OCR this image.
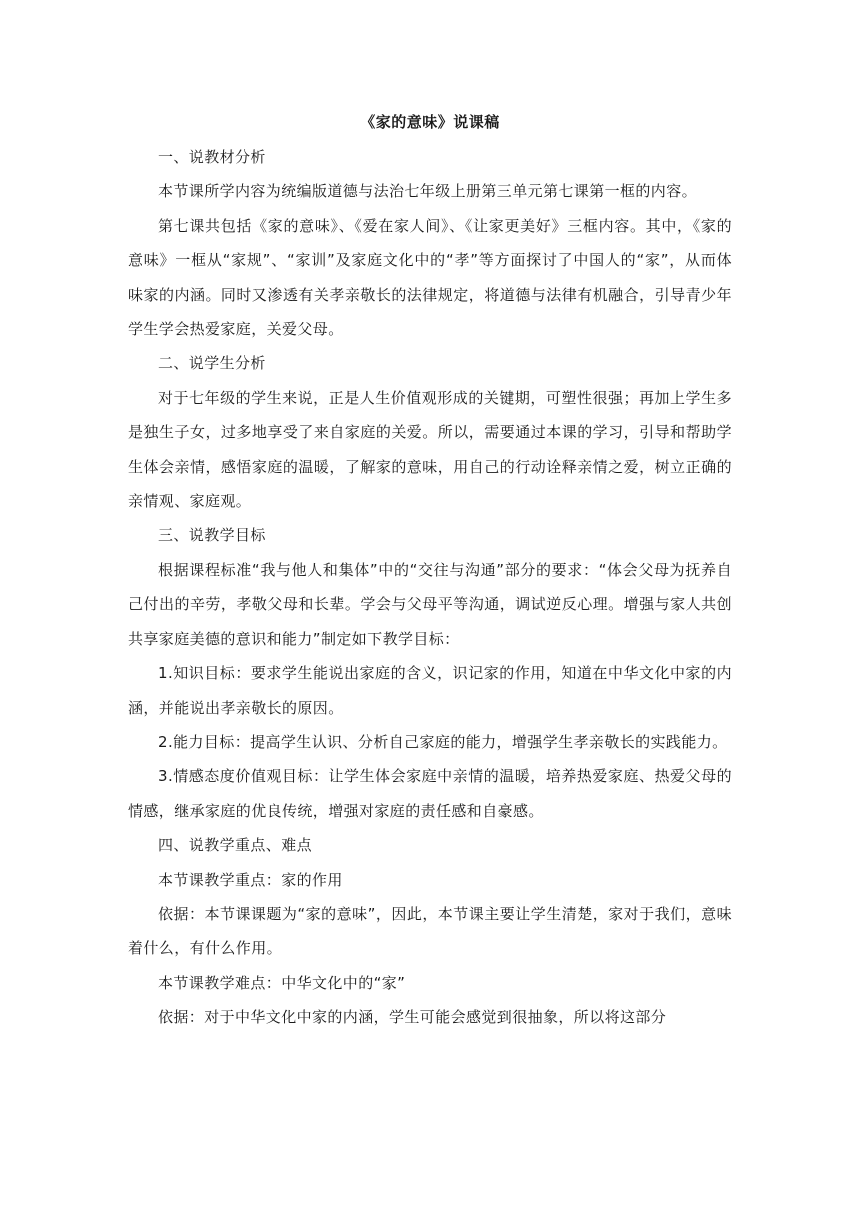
《家的意味》说课稿

一、说教材分析

本节课所学内容为统编版道德与法治七年级上册第三单元第七课第一框的内容。

第七课共包括《家的意味》、《爱在家人间》、《让家更美好》三框内容。其中，《家的意味》一框从“家规”、“家训”及家庭文化中的“孝”等方面探讨了中国人的“家”，从而体味家的内涵。同时又渗透有关孝亲敬长的法律规定，将道德与法律有机融合，引导青少年学生学会热爱家庭，关爱父母。

二、说学生分析

对于七年级的学生来说，正是人生价值观形成的关键期，可塑性很强；再加上学生多是独生子女，过多地享受了来自家庭的关爱。所以，需要通过本课的学习，引导和帮助学生体会亲情，感悟家庭的温暖，了解家的意味，用自己的行动诠释亲情之爱，树立正确的亲情观、家庭观。

三、说教学目标

根据课程标准“我与他人和集体”中的“交往与沟通”部分的要求：“体会父母为抚养自己付出的辛劳，孝敬父母和长辈。学会与父母平等沟通，调试逆反心理。增强与家人共创共享家庭美德的意识和能力”制定如下教学目标：

1.知识目标：要求学生能说出家庭的含义，识记家的作用，知道在中华文化中家的内涵，并能说出孝亲敬长的原因。

2.能力目标：提高学生认识、分析自己家庭的能力，增强学生孝亲敬长的实践能力。

3.情感态度价值观目标：让学生体会家庭中亲情的温暖，培养热爱家庭、热爱父母的情感，继承家庭的优良传统，增强对家庭的责任感和自豪感。

四、说教学重点、难点

本节课教学重点：家的作用

依据：本节课课题为“家的意味”，因此，本节课主要让学生清楚，家对于我们，意味着什么，有什么作用。

本节课教学难点：中华文化中的“家”

依据：对于中华文化中家的内涵，学生可能会感觉到很抽象，所以将这部分
